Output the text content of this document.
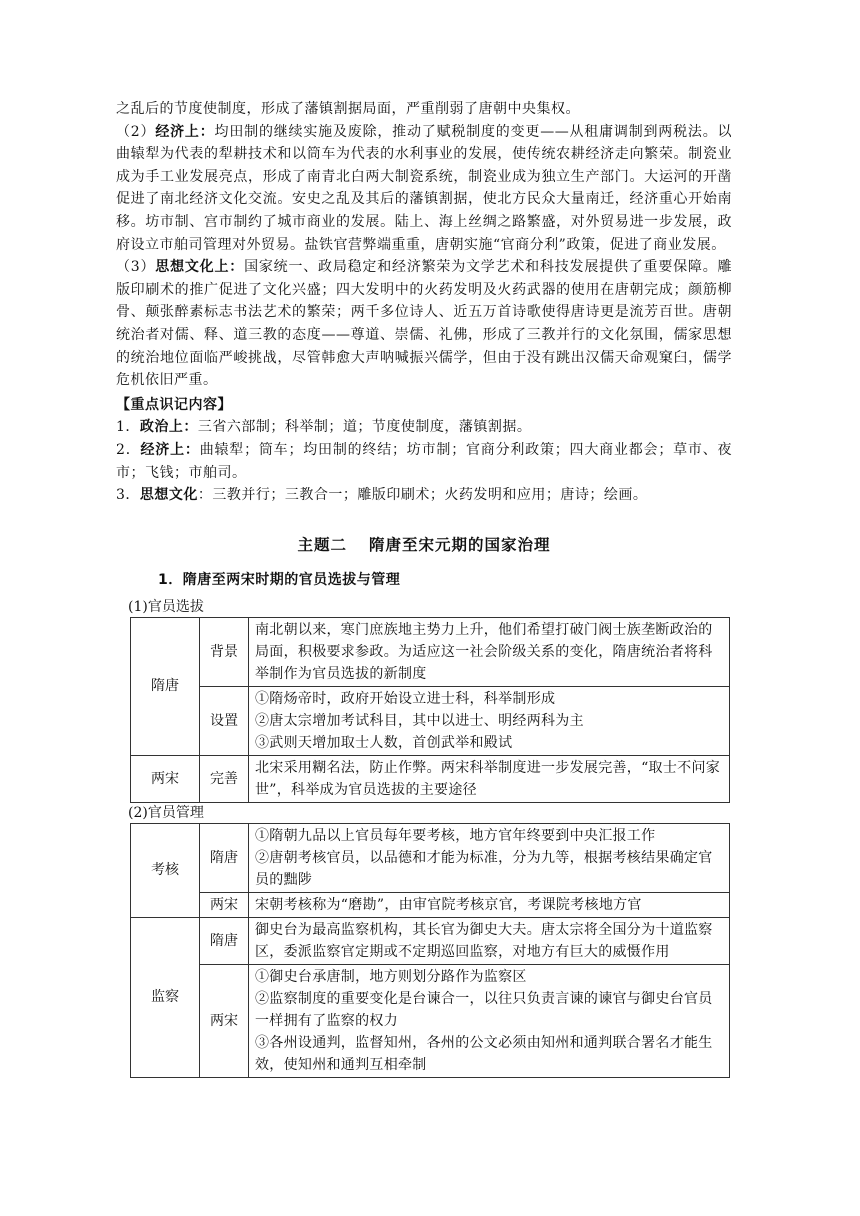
之乱后的节度使制度，形成了藩镇割据局面，严重削弱了唐朝中央集权。

（2）经济上：均田制的继续实施及废除，推动了赋税制度的变更——从租庸调制到两税法。以曲辕犁为代表的犁耕技术和以筒车为代表的水利事业的发展，使传统农耕经济走向繁荣。制瓷业成为手工业发展亮点，形成了南青北白两大制瓷系统，制瓷业成为独立生产部门。大运河的开凿促进了南北经济文化交流。安史之乱及其后的藩镇割据，使北方民众大量南迁，经济重心开始南移。坊市制、宫市制约了城市商业的发展。陆上、海上丝绸之路繁盛，对外贸易进一步发展，政府设立市舶司管理对外贸易。盐铁官营弊端重重，唐朝实施“官商分利”政策，促进了商业发展。

（3）思想文化上：国家统一、政局稳定和经济繁荣为文学艺术和科技发展提供了重要保障。雕版印刷术的推广促进了文化兴盛；四大发明中的火药发明及火药武器的使用在唐朝完成；颜筋柳骨、颠张醉素标志书法艺术的繁荣；两千多位诗人、近五万首诗歌使得唐诗更是流芳百世。唐朝统治者对儒、释、道三教的态度——尊道、崇儒、礼佛，形成了三教并行的文化氛围，儒家思想的统治地位面临严峻挑战，尽管韩愈大声呐喊振兴儒学，但由于没有跳出汉儒天命观窠臼，儒学危机依旧严重。

【重点识记内容】

1．政治上：三省六部制；科举制；道；节度使制度，藩镇割据。

2．经济上：曲辕犁；筒车；均田制的终结；坊市制；官商分利政策；四大商业都会；草市、夜市；飞钱；市舶司。

3．思想文化：三教并行；三教合一；雕版印刷术；火药发明和应用；唐诗；绘画。

主题二 隋唐至宋元期的国家治理
1．隋唐至两宋时期的官员选拔与管理

(1)官员选拔

隋唐	背景	南北朝以来，寒门庶族地主势力上升，他们希望打破门阀士族垄断政治的局面，积极要求参政。为适应这一社会阶级关系的变化，隋唐统治者将科举制作为官员选拔的新制度
	设置	①隋炀帝时，政府开始设立进士科，科举制形成
②唐太宗增加考试科目，其中以进士、明经两科为主
③武则天增加取士人数，首创武举和殿试

两宋	完善	北宋采用糊名法，防止作弊。两宋科举制度进一步发展完善，“取士不问家世”，科举成为官员选拔的主要途径

(2)官员管理

考核	隋唐	①隋朝九品以上官员每年要考核，地方官年终要到中央汇报工作
②唐朝考核官员，以品德和才能为标准，分为九等，根据考核结果确定官员的黜陟

	两宋	宋朝考核称为“磨勘”，由审官院考核京官，考课院考核地方官
监察	隋唐	御史台为最高监察机构，其长官为御史大夫。唐太宗将全国分为十道监察区，委派监察官定期或不定期巡回监察，对地方有巨大的威慑作用
	两宋	①御史台承唐制，地方则划分路作为监察区
②监察制度的重要变化是台谏合一，以往只负责言谏的谏官与御史台官员一样拥有了监察的权力
③各州设通判，监督知州，各州的公文必须由知州和通判联合署名才能生效，使知州和通判互相牵制
